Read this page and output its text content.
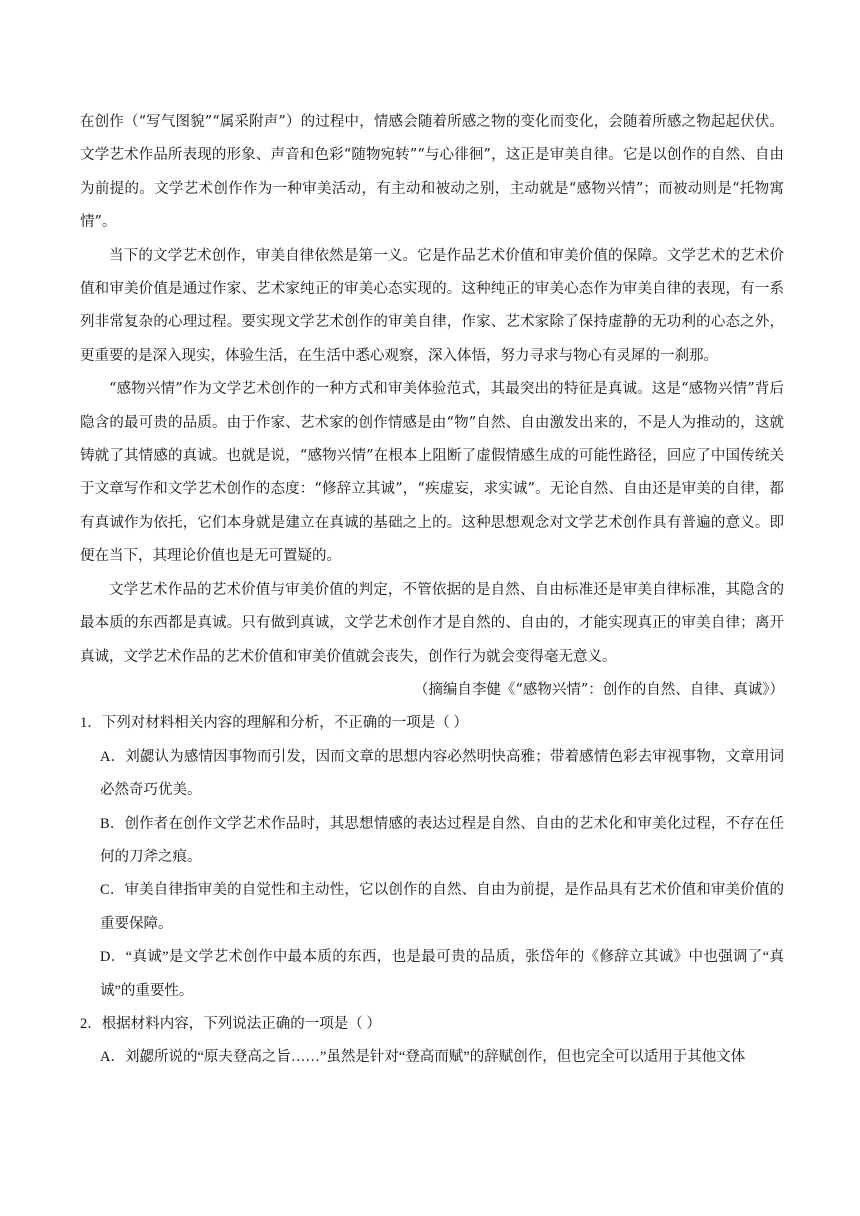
在创作（“写气图貌”“属采附声”）的过程中，情感会随着所感之物的变化而变化，会随着所感之物起起伏伏。文学艺术作品所表现的形象、声音和色彩“随物宛转”“与心徘徊”，这正是审美自律。它是以创作的自然、自由为前提的。文学艺术创作作为一种审美活动，有主动和被动之别，主动就是“感物兴情”；而被动则是“托物寓情”。

当下的文学艺术创作，审美自律依然是第一义。它是作品艺术价值和审美价值的保障。文学艺术的艺术价值和审美价值是通过作家、艺术家纯正的审美心态实现的。这种纯正的审美心态作为审美自律的表现，有一系列非常复杂的心理过程。要实现文学艺术创作的审美自律，作家、艺术家除了保持虚静的无功利的心态之外，更重要的是深入现实，体验生活，在生活中悉心观察，深入体悟，努力寻求与物心有灵犀的一刹那。

“感物兴情”作为文学艺术创作的一种方式和审美体验范式，其最突出的特征是真诚。这是“感物兴情”背后隐含的最可贵的品质。由于作家、艺术家的创作情感是由“物”自然、自由激发出来的，不是人为推动的，这就铸就了其情感的真诚。也就是说，“感物兴情”在根本上阻断了虚假情感生成的可能性路径，回应了中国传统关于文章写作和文学艺术创作的态度：“修辞立其诚”，“疾虚妄，求实诚”。无论自然、自由还是审美的自律，都有真诚作为依托，它们本身就是建立在真诚的基础之上的。这种思想观念对文学艺术创作具有普遍的意义。即便在当下，其理论价值也是无可置疑的。

文学艺术作品的艺术价值与审美价值的判定，不管依据的是自然、自由标准还是审美自律标准，其隐含的最本质的东西都是真诚。只有做到真诚，文学艺术创作才是自然的、自由的，才能实现真正的审美自律；离开真诚，文学艺术作品的艺术价值和审美价值就会丧失，创作行为就会变得毫无意义。

（摘编自李健《“感物兴情”：创作的自然、自律、真诚》）

1．下列对材料相关内容的理解和分析，不正确的一项是（ ）

A．刘勰认为感情因事物而引发，因而文章的思想内容必然明快高雅；带着感情色彩去审视事物，文章用词必然奇巧优美。

B．创作者在创作文学艺术作品时，其思想情感的表达过程是自然、自由的艺术化和审美化过程，不存在任何的刀斧之痕。

C．审美自律指审美的自觉性和主动性，它以创作的自然、自由为前提，是作品具有艺术价值和审美价值的重要保障。

D．“真诚”是文学艺术创作中最本质的东西，也是最可贵的品质，张岱年的《修辞立其诚》中也强调了“真诚”的重要性。

2．根据材料内容，下列说法正确的一项是（ ）

A．刘勰所说的“原夫登高之旨……”虽然是针对“登高而赋”的辞赋创作，但也完全可以适用于其他文体
